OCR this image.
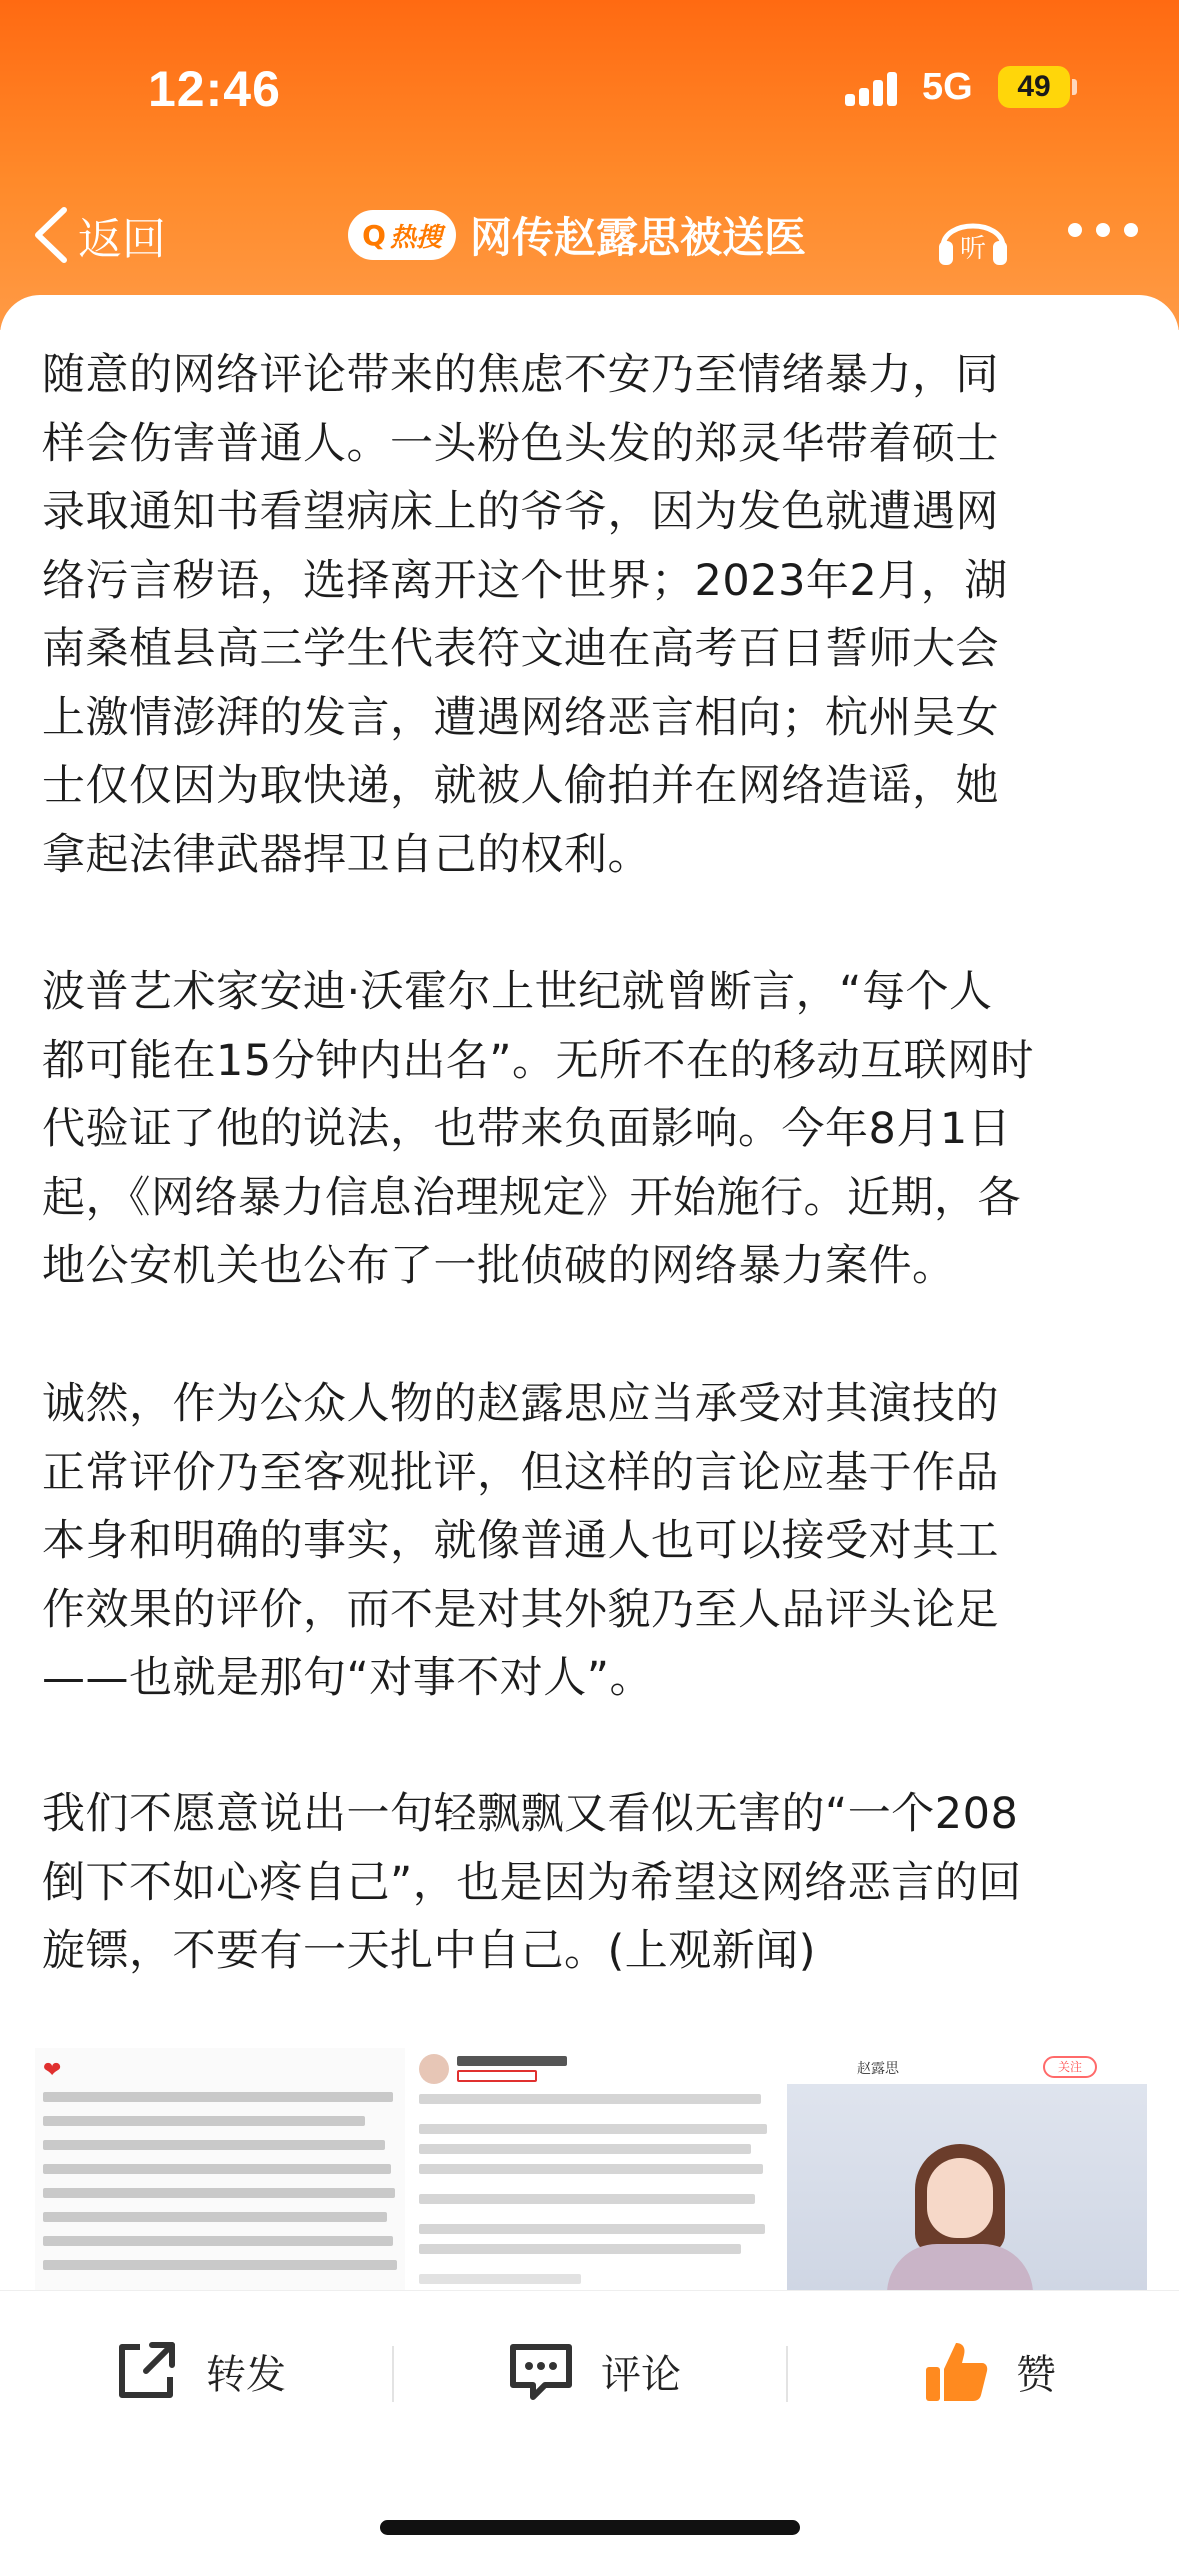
12:46	5G 49
返回	Q 热搜 网传赵露思被送医	听
随意的网络评论带来的焦虑不安乃至情绪暴力，同
样会伤害普通人。一头粉色头发的郑灵华带着硕士
录取通知书看望病床上的爷爷，因为发色就遭遇网
络污言秽语，选择离开这个世界；2023年2月，湖
南桑植县高三学生代表符文迪在高考百日誓师大会
上激情澎湃的发言，遭遇网络恶言相向；杭州吴女
士仅仅因为取快递，就被人偷拍并在网络造谣，她
拿起法律武器捍卫自己的权利。
波普艺术家安迪·沃霍尔上世纪就曾断言，“每个人
都可能在15分钟内出名”。无所不在的移动互联网时
代验证了他的说法，也带来负面影响。今年8月1日
起，《网络暴力信息治理规定》开始施行。近期，各
地公安机关也公布了一批侦破的网络暴力案件。
诚然，作为公众人物的赵露思应当承受对其演技的
正常评价乃至客观批评，但这样的言论应基于作品
本身和明确的事实，就像普通人也可以接受对其工
作效果的评价，而不是对其外貌乃至人品评头论足
——也就是那句“对事不对人”。
我们不愿意说出一句轻飘飘又看似无害的“一个208
倒下不如心疼自己”，也是因为希望这网络恶言的回
旋镖，不要有一天扎中自己。(上观新闻)
❤	赵露思	关注
转发	评论	赞
